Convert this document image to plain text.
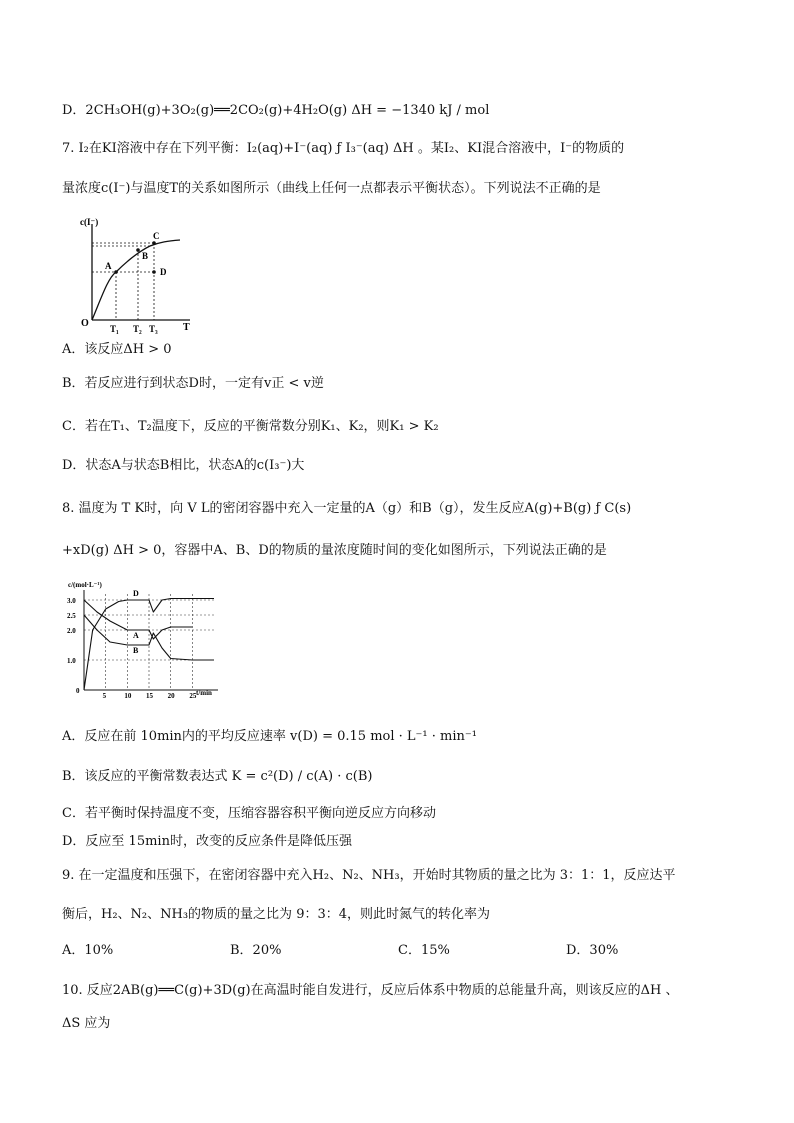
D．2CH₃OH(g)+3O₂(g)══2CO₂(g)+4H₂O(g) ΔH = −1340 kJ / mol
7. I₂在KI溶液中存在下列平衡：I₂(aq)+I⁻(aq) ƒ I₃⁻(aq) ΔH 。某I₂、KI混合溶液中，I⁻的物质的
量浓度c(I⁻)与温度T的关系如图所示（曲线上任何一点都表示平衡状态）。下列说法不正确的是
c(I⁻)
O	T
T₁ T₂ T₃
A
B
C
D
A．该反应ΔH > 0
B．若反应进行到状态D时，一定有v正 < v逆
C．若在T₁、T₂温度下，反应的平衡常数分别K₁、K₂，则K₁ > K₂
D．状态A与状态B相比，状态A的c(I₃⁻)大
8. 温度为 T K时，向 V L的密闭容器中充入一定量的A（g）和B（g），发生反应A(g)+B(g) ƒ C(s)
+xD(g) ΔH > 0，容器中A、B、D的物质的量浓度随时间的变化如图所示，下列说法正确的是
c/(mol·L⁻¹)
t/min
5	10 15 20 25
0
1.0
2.0
2.5
3.0
D
A
B
A．反应在前 10min内的平均反应速率 v(D) = 0.15 mol · L⁻¹ · min⁻¹
B．该反应的平衡常数表达式 K = c²(D) / c(A) · c(B)
C．若平衡时保持温度不变，压缩容器容积平衡向逆反应方向移动
D．反应至 15min时，改变的反应条件是降低压强
9. 在一定温度和压强下，在密闭容器中充入H₂、N₂、NH₃，开始时其物质的量之比为 3：1：1，反应达平
衡后，H₂、N₂、NH₃的物质的量之比为 9：3：4，则此时氮气的转化率为
A．10%	B．20%	C．15%	D．30%
10. 反应2AB(g)══C(g)+3D(g)在高温时能自发进行，反应后体系中物质的总能量升高，则该反应的ΔH 、
ΔS 应为
